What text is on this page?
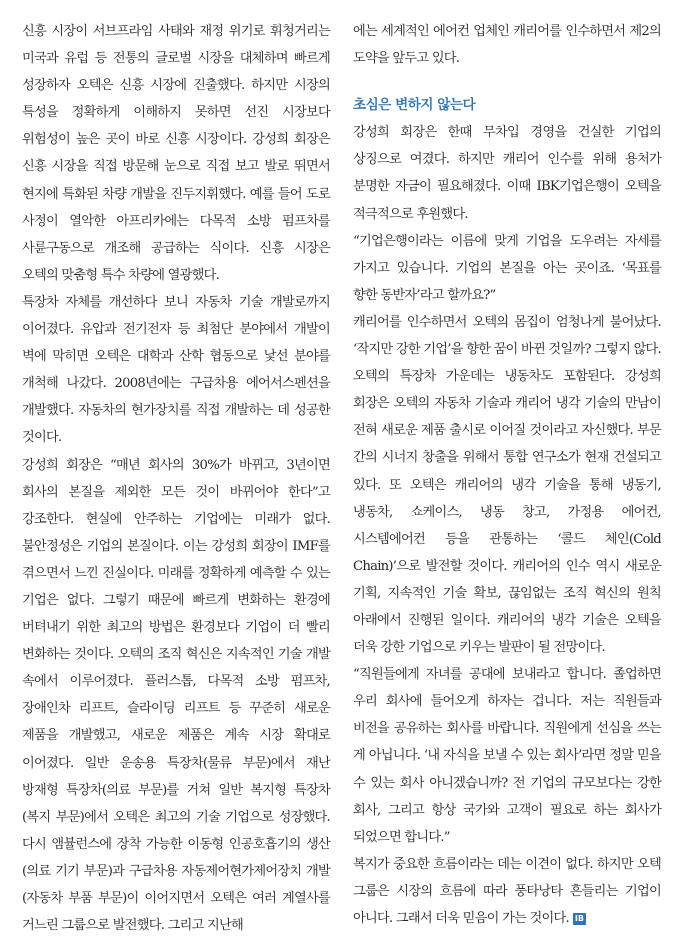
신흥 시장이 서브프라임 사태와 재정 위기로 휘청거리는 미국과 유럽 등 전통의 글로벌 시장을 대체하며 빠르게 성장하자 오텍은 신흥 시장에 진출했다. 하지만 시장의 특성을 정확하게 이해하지 못하면 선진 시장보다 위험성이 높은 곳이 바로 신흥 시장이다. 강성희 회장은 신흥 시장을 직접 방문해 눈으로 직접 보고 발로 뛰면서 현지에 특화된 차량 개발을 진두지휘했다. 예를 들어 도로 사정이 열악한 아프리카에는 다목적 소방 펌프차를 사륜구동으로 개조해 공급하는 식이다. 신흥 시장은 오텍의 맞춤형 특수 차량에 열광했다.

특장차 자체를 개선하다 보니 자동차 기술 개발로까지 이어졌다. 유압과 전기전자 등 최첨단 분야에서 개발이 벽에 막히면 오텍은 대학과 산학 협동으로 낯선 분야를 개척해 나갔다. 2008년에는 구급차용 에어서스펜션을 개발했다. 자동차의 현가장치를 직접 개발하는 데 성공한 것이다.

강성희 회장은 “매년 회사의 30%가 바뀌고, 3년이면 회사의 본질을 제외한 모든 것이 바뀌어야 한다”고 강조한다. 현실에 안주하는 기업에는 미래가 없다. 불안정성은 기업의 본질이다. 이는 강성희 회장이 IMF를 겪으면서 느낀 진실이다. 미래를 정확하게 예측할 수 있는 기업은 없다. 그렇기 때문에 빠르게 변화하는 환경에 버텨내기 위한 최고의 방법은 환경보다 기업이 더 빨리 변화하는 것이다. 오텍의 조직 혁신은 지속적인 기술 개발 속에서 이루어졌다. 플러스톱, 다목적 소방 펌프차, 장애인차 리프트, 슬라이딩 리프트 등 꾸준히 새로운 제품을 개발했고, 새로운 제품은 계속 시장 확대로 이어졌다. 일반 운송용 특장차(물류 부문)에서 재난 방재형 특장차(의료 부문)를 거쳐 일반 복지형 특장차(복지 부문)에서 오텍은 최고의 기술 기업으로 성장했다. 다시 앰뷸런스에 장착 가능한 이동형 인공호흡기의 생산(의료 기기 부문)과 구급차용 자동제어현가제어장치 개발(자동차 부품 부문)이 이어지면서 오텍은 여러 계열사를 거느린 그룹으로 발전했다. 그리고 지난해

에는 세계적인 에어컨 업체인 캐리어를 인수하면서 제2의 도약을 앞두고 있다.

초심은 변하지 않는다

강성희 회장은 한때 무차입 경영을 건실한 기업의 상징으로 여겼다. 하지만 캐리어 인수를 위해 용처가 분명한 자금이 필요해졌다. 이때 IBK기업은행이 오텍을 적극적으로 후원했다.

“기업은행이라는 이름에 맞게 기업을 도우려는 자세를 가지고 있습니다. 기업의 본질을 아는 곳이죠. ‘목표를 향한 동반자’라고 할까요?”

캐리어를 인수하면서 오텍의 몸집이 엄청나게 불어났다. ‘작지만 강한 기업’을 향한 꿈이 바뀐 것일까? 그렇지 않다. 오텍의 특장차 가운데는 냉동차도 포함된다. 강성희 회장은 오텍의 자동차 기술과 캐리어 냉각 기술의 만남이 전혀 새로운 제품 출시로 이어질 것이라고 자신했다. 부문 간의 시너지 창출을 위해서 통합 연구소가 현재 건설되고 있다. 또 오텍은 캐리어의 냉각 기술을 통해 냉동기, 냉동차, 쇼케이스, 냉동 창고, 가정용 에어컨, 시스템에어컨 등을 관통하는 ‘콜드 체인(Cold Chain)’으로 발전할 것이다. 캐리어의 인수 역시 새로운 기획, 지속적인 기술 확보, 끊임없는 조직 혁신의 원칙 아래에서 진행된 일이다. 캐리어의 냉각 기술은 오텍을 더욱 강한 기업으로 키우는 발판이 될 전망이다.

“직원들에게 자녀를 공대에 보내라고 합니다. 졸업하면 우리 회사에 들어오게 하자는 겁니다. 저는 직원들과 비전을 공유하는 회사를 바랍니다. 직원에게 선심을 쓰는 게 아닙니다. ‘내 자식을 보낼 수 있는 회사’라면 정말 믿을 수 있는 회사 아니겠습니까? 전 기업의 규모보다는 강한 회사, 그리고 항상 국가와 고객이 필요로 하는 회사가 되었으면 합니다.”

복지가 중요한 흐름이라는 데는 이견이 없다. 하지만 오텍 그룹은 시장의 흐름에 따라 풍타낭타 흔들리는 기업이 아니다. 그래서 더욱 믿음이 가는 것이다. IBK
